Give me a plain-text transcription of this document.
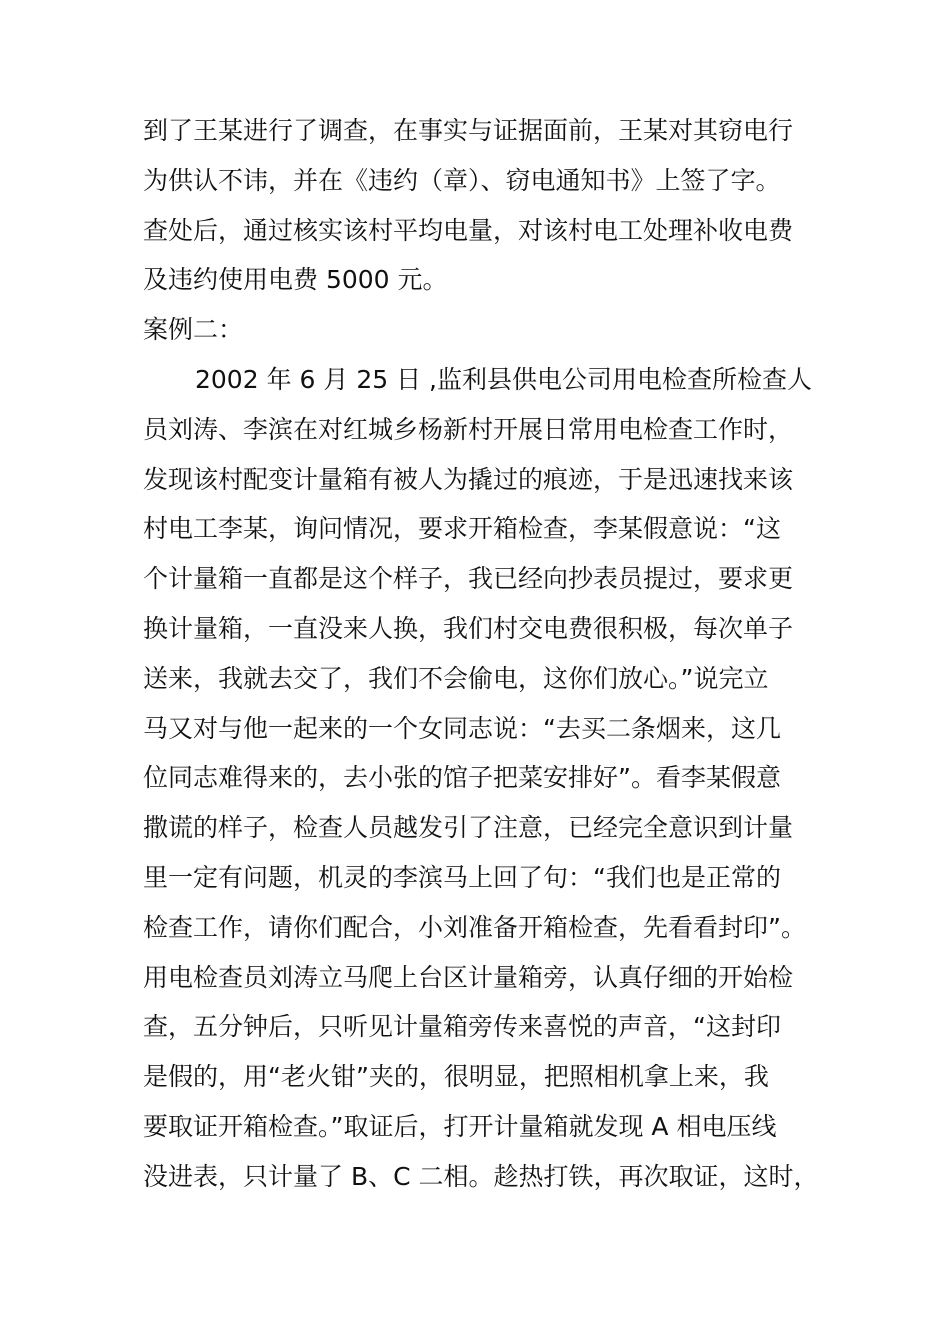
到了王某进行了调查，在事实与证据面前，王某对其窃电行
为供认不讳，并在《违约（章）、窃电通知书》上签了字。
查处后，通过核实该村平均电量，对该村电工处理补收电费
及违约使用电费 5000 元。
案例二：
2002 年 6 月 25 日 ,监利县供电公司用电检查所检查人
员刘涛、李滨在对红城乡杨新村开展日常用电检查工作时，
发现该村配变计量箱有被人为撬过的痕迹，于是迅速找来该
村电工李某，询问情况，要求开箱检查，李某假意说：“这
个计量箱一直都是这个样子，我已经向抄表员提过，要求更
换计量箱，一直没来人换，我们村交电费很积极，每次单子
送来，我就去交了，我们不会偷电，这你们放心。”说完立
马又对与他一起来的一个女同志说：“去买二条烟来，这几
位同志难得来的，去小张的馆子把菜安排好”。看李某假意
撒谎的样子，检查人员越发引了注意，已经完全意识到计量
里一定有问题，机灵的李滨马上回了句：“我们也是正常的
检查工作，请你们配合，小刘准备开箱检查，先看看封印”。
用电检查员刘涛立马爬上台区计量箱旁，认真仔细的开始检
查，五分钟后，只听见计量箱旁传来喜悦的声音，“这封印
是假的，用“老火钳”夹的，很明显，把照相机拿上来，我
要取证开箱检查。”取证后，打开计量箱就发现 A 相电压线
没进表，只计量了 B、C 二相。趁热打铁，再次取证，这时，
